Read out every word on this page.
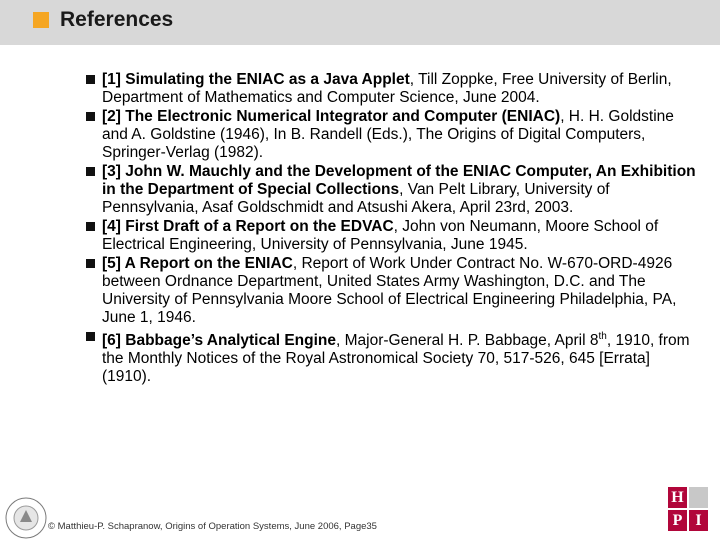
References
[1] Simulating the ENIAC as a Java Applet, Till Zoppke, Free University of Berlin, Department of Mathematics and Computer Science, June 2004.
[2] The Electronic Numerical Integrator and Computer (ENIAC), H. H. Goldstine and A. Goldstine (1946), In B. Randell (Eds.), The Origins of Digital Computers, Springer-Verlag (1982).
[3] John W. Mauchly and the Development of the ENIAC Computer, An Exhibition in the Department of Special Collections, Van Pelt Library, University of Pennsylvania, Asaf Goldschmidt and Atsushi Akera, April 23rd, 2003.
[4] First Draft of a Report on the EDVAC, John von Neumann, Moore School of Electrical Engineering, University of Pennsylvania, June 1945.
[5] A Report on the ENIAC, Report of Work Under Contract No. W-670-ORD-4926 between Ordnance Department, United States Army Washington, D.C. and The University of Pennsylvania Moore School of Electrical Engineering Philadelphia, PA, June 1, 1946.
[6] Babbage’s Analytical Engine, Major-General H. P. Babbage, April 8th, 1910, from the Monthly Notices of the Royal Astronomical Society 70, 517-526, 645 [Errata] (1910).
© Matthieu-P. Schapranow, Origins of Operation Systems, June 2006, Page35
H
P I
